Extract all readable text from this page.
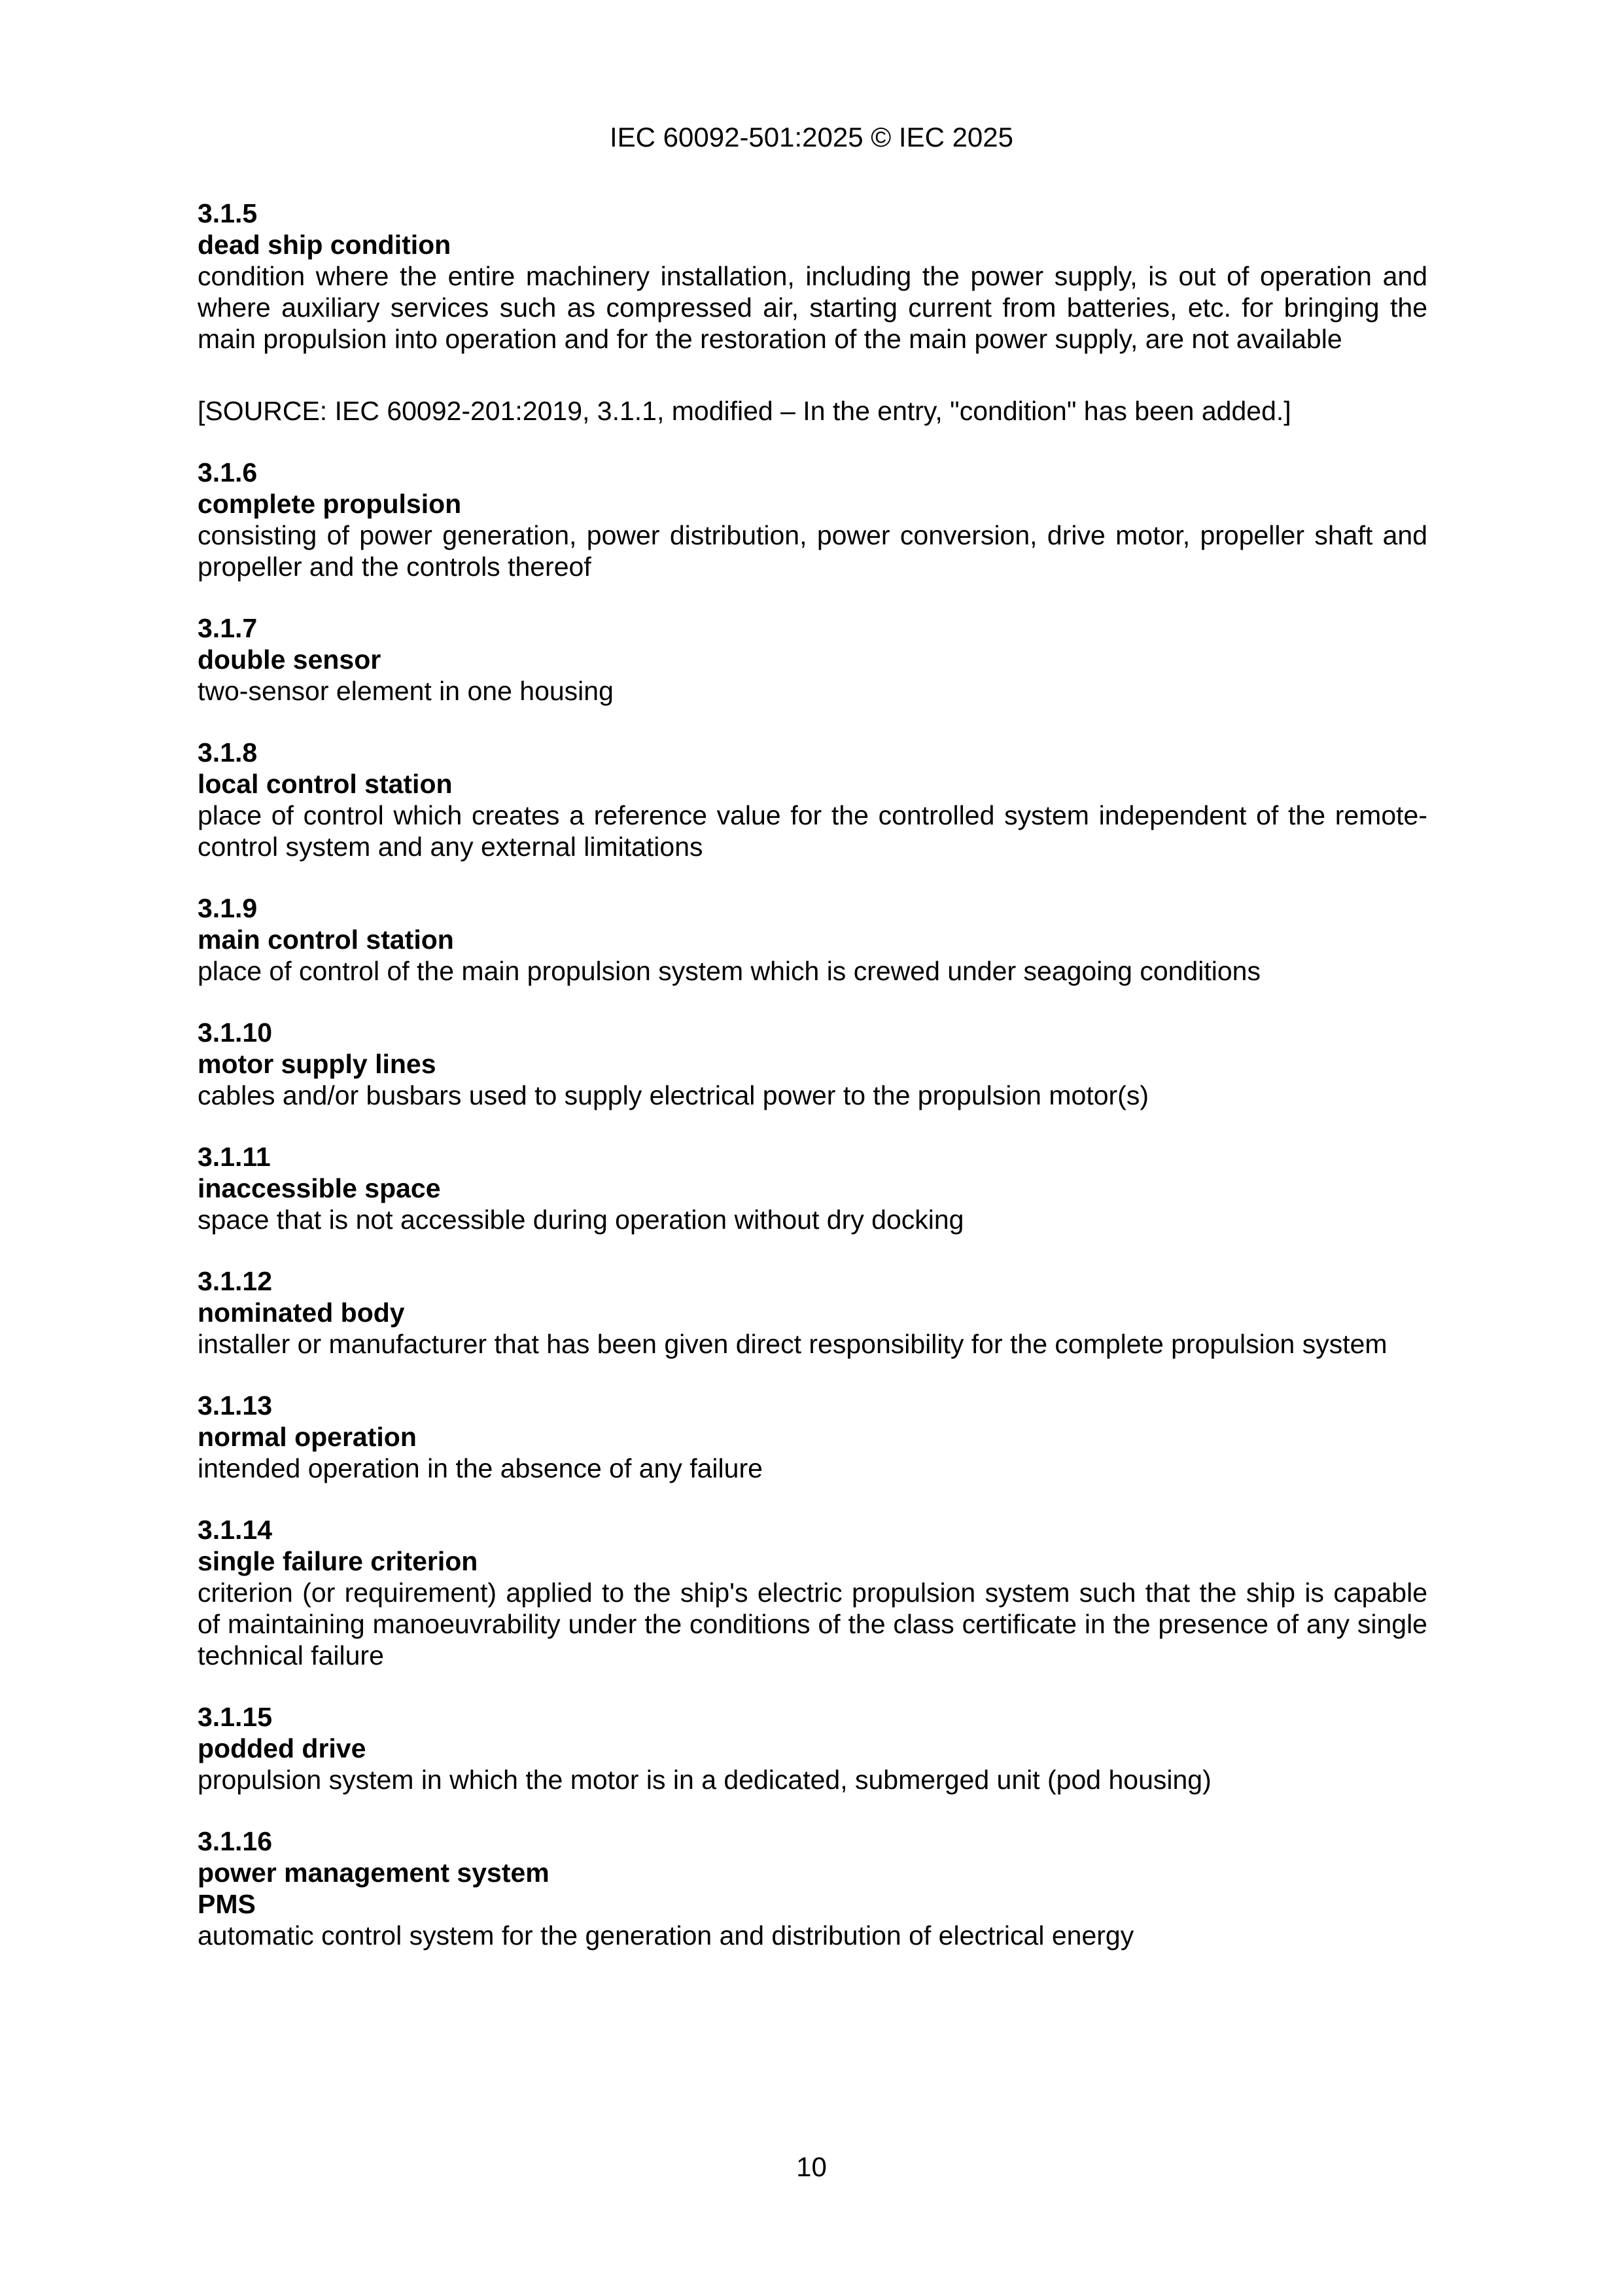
IEC 60092-501:2025 © IEC 2025

3.1.5

dead ship condition

condition where the entire machinery installation, including the power supply, is out of operation and where auxiliary services such as compressed air, starting current from batteries, etc. for bringing the main propulsion into operation and for the restoration of the main power supply, are not available

[SOURCE: IEC 60092-201:2019, 3.1.1, modified – In the entry, "condition" has been added.]

3.1.6

complete propulsion

consisting of power generation, power distribution, power conversion, drive motor, propeller shaft and propeller and the controls thereof

3.1.7

double sensor

two-sensor element in one housing

3.1.8

local control station

place of control which creates a reference value for the controlled system independent of the remote-control system and any external limitations

3.1.9

main control station

place of control of the main propulsion system which is crewed under seagoing conditions

3.1.10

motor supply lines

cables and/or busbars used to supply electrical power to the propulsion motor(s)

3.1.11

inaccessible space

space that is not accessible during operation without dry docking

3.1.12

nominated body

installer or manufacturer that has been given direct responsibility for the complete propulsion system

3.1.13

normal operation

intended operation in the absence of any failure

3.1.14

single failure criterion

criterion (or requirement) applied to the ship's electric propulsion system such that the ship is capable of maintaining manoeuvrability under the conditions of the class certificate in the presence of any single technical failure

3.1.15

podded drive

propulsion system in which the motor is in a dedicated, submerged unit (pod housing)

3.1.16

power management system

PMS

automatic control system for the generation and distribution of electrical energy

10
